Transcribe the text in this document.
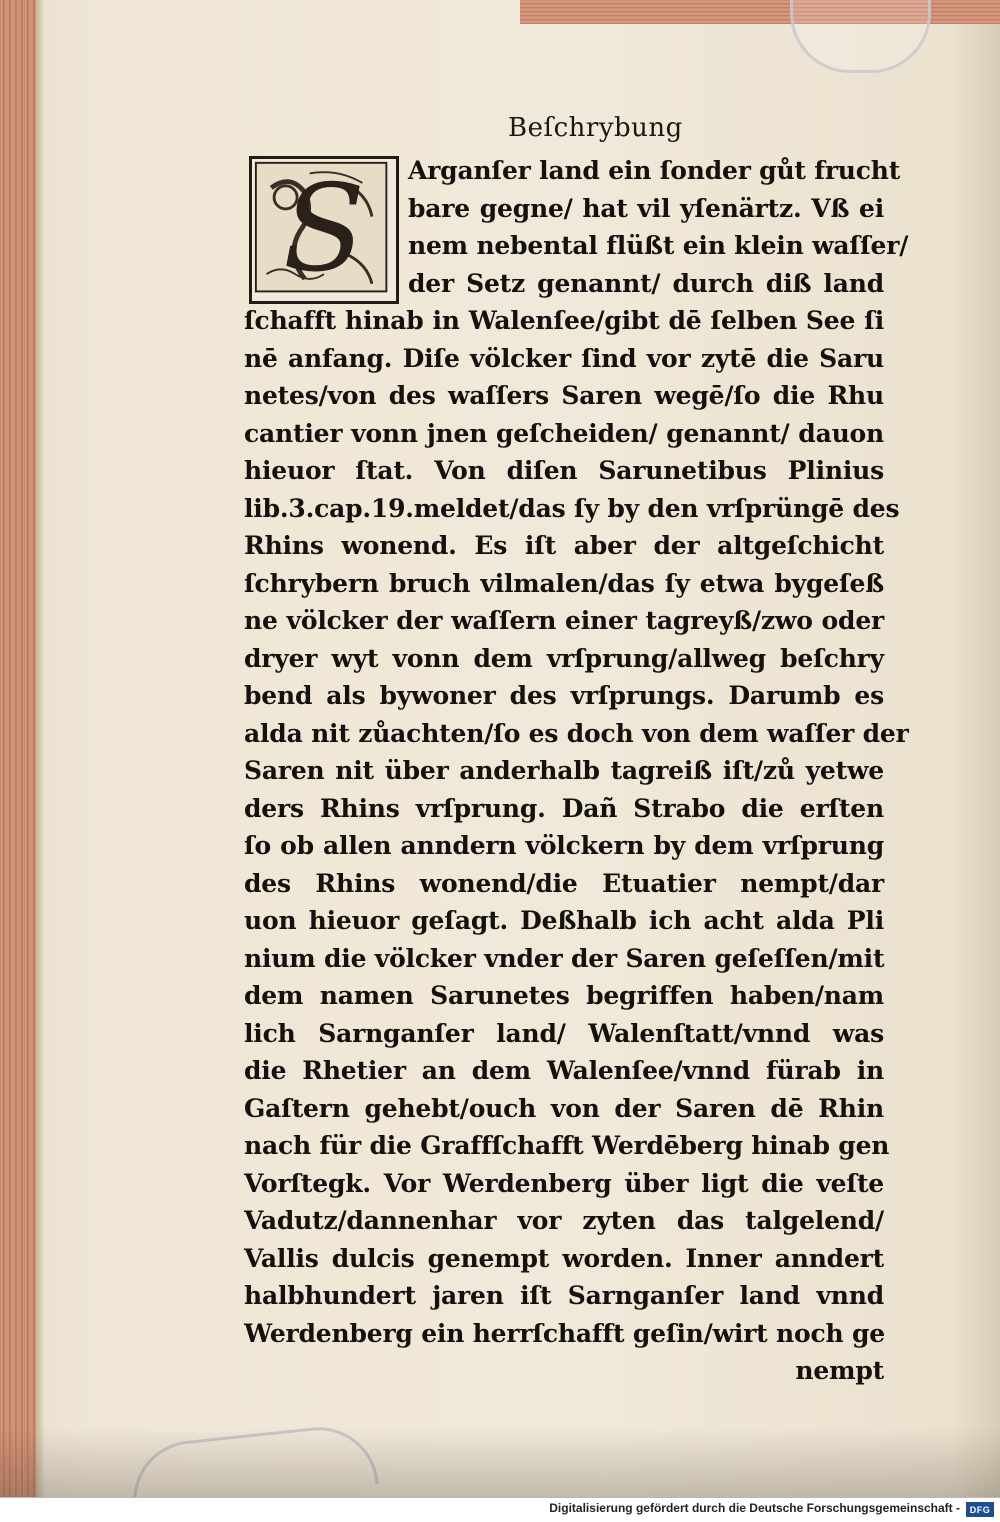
Beſchrybung
S	Arganſer land ein ſonder gůt frucht
bare gegne/ hat vil yſenärtz. Vß ei
nem nebental flüßt ein klein waſſer/
der Setz genannt/ durch diß land
ſchafft hinab in Walenſee/gibt dē ſelben See ſi
nē anfang. Diſe völcker ſind vor zytē die Saru
netes/von des waſſers Saren wegē/ſo die Rhu
cantier vonn jnen geſcheiden/ genannt/ dauon
hieuor ſtat. Von diſen Sarunetibus Plinius
lib.3.cap.19.meldet/das ſy by den vrſprüngē des
Rhins wonend. Es iſt aber der altgeſchicht
ſchrybern bruch vilmalen/das ſy etwa bygeſeß
ne völcker der waſſern einer tagreyß/zwo oder
dryer wyt vonn dem vrſprung/allweg beſchry
bend als bywoner des vrſprungs. Darumb es
alda nit zůachten/ſo es doch von dem waſſer der
Saren nit über anderhalb tagreiß iſt/zů yetwe
ders Rhins vrſprung. Dañ Strabo die erſten
ſo ob allen anndern völckern by dem vrſprung
des Rhins wonend/die Etuatier nempt/dar
uon hieuor geſagt. Deßhalb ich acht alda Pli
nium die völcker vnder der Saren geſeſſen/mit
dem namen Sarunetes begriffen haben/nam
lich Sarnganſer land/ Walenſtatt/vnnd was
die Rhetier an dem Walenſee/vnnd fürab in
Gaſtern gehebt/ouch von der Saren dē Rhin
nach für die Graffſchafft Werdēberg hinab gen
Vorſtegk. Vor Werdenberg über ligt die veſte
Vadutz/dannenhar vor zyten das talgelend/
Vallis dulcis genempt worden. Inner anndert
halbhundert jaren iſt Sarnganſer land vnnd
Werdenberg ein herrſchafft geſin/wirt noch ge
nempt
Digitalisierung gefördert durch die Deutsche Forschungsgemeinschaft -	DFG
